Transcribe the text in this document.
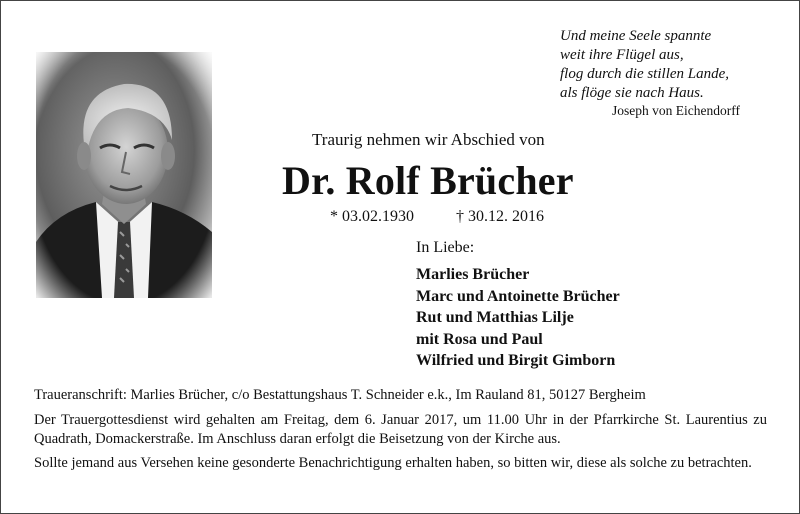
Und meine Seele spannte
weit ihre Flügel aus,
flog durch die stillen Lande,
als flöge sie nach Haus.
Joseph von Eichendorff
Traurig nehmen wir Abschied von
Dr. Rolf Brücher
* 03.02.1930	† 30.12. 2016
In Liebe:
Marlies Brücher
Marc und Antoinette Brücher
Rut und Matthias Lilje
mit Rosa und Paul
Wilfried und Birgit Gimborn
Traueranschrift: Marlies Brücher, c/o Bestattungshaus T. Schneider e.k., Im Rauland 81, 50127 Bergheim
Der Trauergottesdienst wird gehalten am Freitag, dem 6. Januar 2017, um 11.00 Uhr in der Pfarrkirche St. Laurentius zu Quadrath, Domackerstraße. Im Anschluss daran erfolgt die Beisetzung von der Kirche aus.
Sollte jemand aus Versehen keine gesonderte Benachrichtigung erhalten haben, so bitten wir, diese als solche zu betrachten.
